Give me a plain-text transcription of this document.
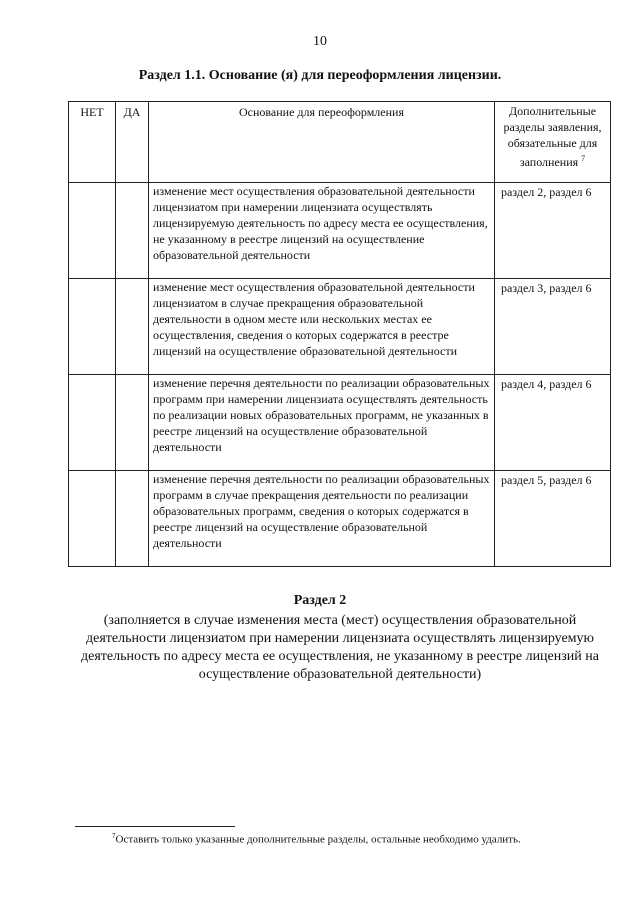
10
Раздел 1.1. Основание (я) для переоформления лицензии.
НЕТ	ДА	Основание для переоформления	Дополнительные разделы заявления, обязательные для заполнения $^7$
		изменение мест осуществления образовательной деятельности лицензиатом при намерении лицензиата осуществлять лицензируемую деятельность по адресу места ее осуществления, не указанному в реестре лицензий на осуществление образовательной деятельности	раздел 2, раздел 6
		изменение мест осуществления образовательной деятельности лицензиатом в случае прекращения образовательной деятельности в одном месте или нескольких местах ее осуществления, сведения о которых содержатся в реестре лицензий на осуществление образовательной деятельности	раздел 3, раздел 6
		изменение перечня деятельности по реализации образовательных программ при намерении лицензиата осуществлять деятельность по реализации новых образовательных программ, не указанных в реестре лицензий на осуществление образовательной деятельности	раздел 4, раздел 6
		изменение перечня деятельности по реализации образовательных программ в случае прекращения деятельности по реализации образовательных программ, сведения о которых содержатся в реестре лицензий на осуществление образовательной деятельности	раздел 5, раздел 6
Раздел 2
(заполняется в случае изменения места (мест) осуществления образовательной деятельности лицензиатом при намерении лицензиата осуществлять лицензируемую деятельность по адресу места ее осуществления, не указанному в реестре лицензий на осуществление образовательной деятельности)
$^7$Оставить только указанные дополнительные разделы, остальные необходимо удалить.
